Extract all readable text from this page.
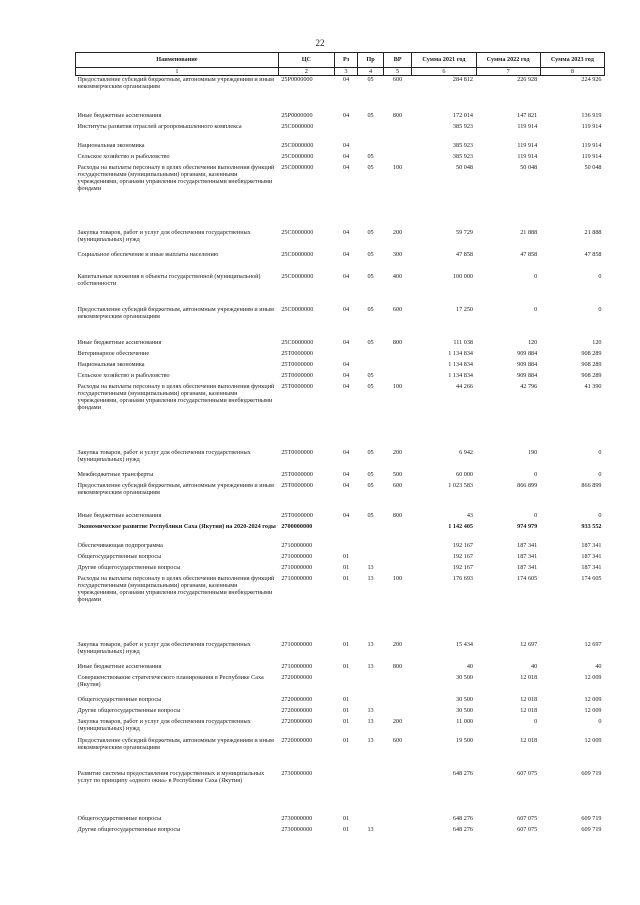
22
Наименование	ЦС	Рз	Пр	ВР	Сумма 2021 год	Сумма 2022 год	Сумма 2023 год
1	2	3	4	5	6	7	8
Предоставление субсидий бюджетным, автономным учреждениям и иным некоммерческим организациям	25P0000000	04	05	600	284 812	226 928	224 926
Иные бюджетные ассигнования	25P0000000	04	05	800	172 014	147 821	136 919
Институты развития отраслей агропромышленного комплекса	25C0000000				385 923	119 914	119 914
Национальная экономика	25C0000000	04			385 923	119 914	119 914
Сельское хозяйство и рыболовство	25C0000000	04	05		385 923	119 914	119 914
Расходы на выплаты персоналу в целях обеспечения выполнения функций государственными (муниципальными) органами, казенными учреждениями, органами управления государственными внебюджетными фондами	25C0000000	04	05	100	50 048	50 048	50 048
Закупка товаров, работ и услуг для обеспечения государственных (муниципальных) нужд	25C0000000	04	05	200	59 729	21 888	21 888
Социальное обеспечение и иные выплаты населению	25C0000000	04	05	300	47 858	47 858	47 858
Капитальные вложения в объекты государственной (муниципальной) собственности	25C0000000	04	05	400	100 000	0	0
Предоставление субсидий бюджетным, автономным учреждениям и иным некоммерческим организациям	25C0000000	04	05	600	17 250	0	0
Иные бюджетные ассигнования	25C0000000	04	05	800	111 038	120	120
Ветеринарное обеспечение	25T0000000				1 134 834	909 884	908 289
Национальная экономика	25T0000000	04			1 134 834	909 884	908 289
Сельское хозяйство и рыболовство	25T0000000	04	05		1 134 834	909 884	908 289
Расходы на выплаты персоналу в целях обеспечения выполнения функций государственными (муниципальными) органами, казенными учреждениями, органами управления государственными внебюджетными фондами	25T0000000	04	05	100	44 266	42 796	41 390
Закупка товаров, работ и услуг для обеспечения государственных (муниципальных) нужд	25T0000000	04	05	200	6 942	190	0
Межбюджетные трансферты	25T0000000	04	05	500	60 000	0	0
Предоставление субсидий бюджетным, автономным учреждениям и иным некоммерческим организациям	25T0000000	04	05	600	1 023 583	866 899	866 899
Иные бюджетные ассигнования	25T0000000	04	05	800	43	0	0
Экономическое развитие Республики Саха (Якутия) на 2020-2024 годы	2700000000				1 142 405	974 979	933 552
Обеспечивающая подпрограмма	2710000000				192 167	187 341	187 341
Общегосударственные вопросы	2710000000	01			192 167	187 341	187 341
Другие общегосударственные вопросы	2710000000	01	13		192 167	187 341	187 341
Расходы на выплаты персоналу в целях обеспечения выполнения функций государственными (муниципальными) органами, казенными учреждениями, органами управления государственными внебюджетными фондами	2710000000	01	13	100	176 693	174 605	174 605
Закупка товаров, работ и услуг для обеспечения государственных (муниципальных) нужд	2710000000	01	13	200	15 434	12 697	12 697
Иные бюджетные ассигнования	2710000000	01	13	800	40	40	40
Совершенствование стратегического планирования в Республике Саха (Якутия)	2720000000				30 500	12 018	12 009
Общегосударственные вопросы	2720000000	01			30 500	12 018	12 009
Другие общегосударственные вопросы	2720000000	01	13		30 500	12 018	12 009
Закупка товаров, работ и услуг для обеспечения государственных (муниципальных) нужд	2720000000	01	13	200	11 000	0	0
Предоставление субсидий бюджетным, автономным учреждениям и иным некоммерческим организациям	2720000000	01	13	600	19 500	12 018	12 009
Развитие системы предоставления государственных и муниципальных услуг по принципу «одного окна» в Республике Саха (Якутия)	2730000000				648 276	607 075	609 719
Общегосударственные вопросы	2730000000	01			648 276	607 075	609 719
Другие общегосударственные вопросы	2730000000	01	13		648 276	607 075	609 719
